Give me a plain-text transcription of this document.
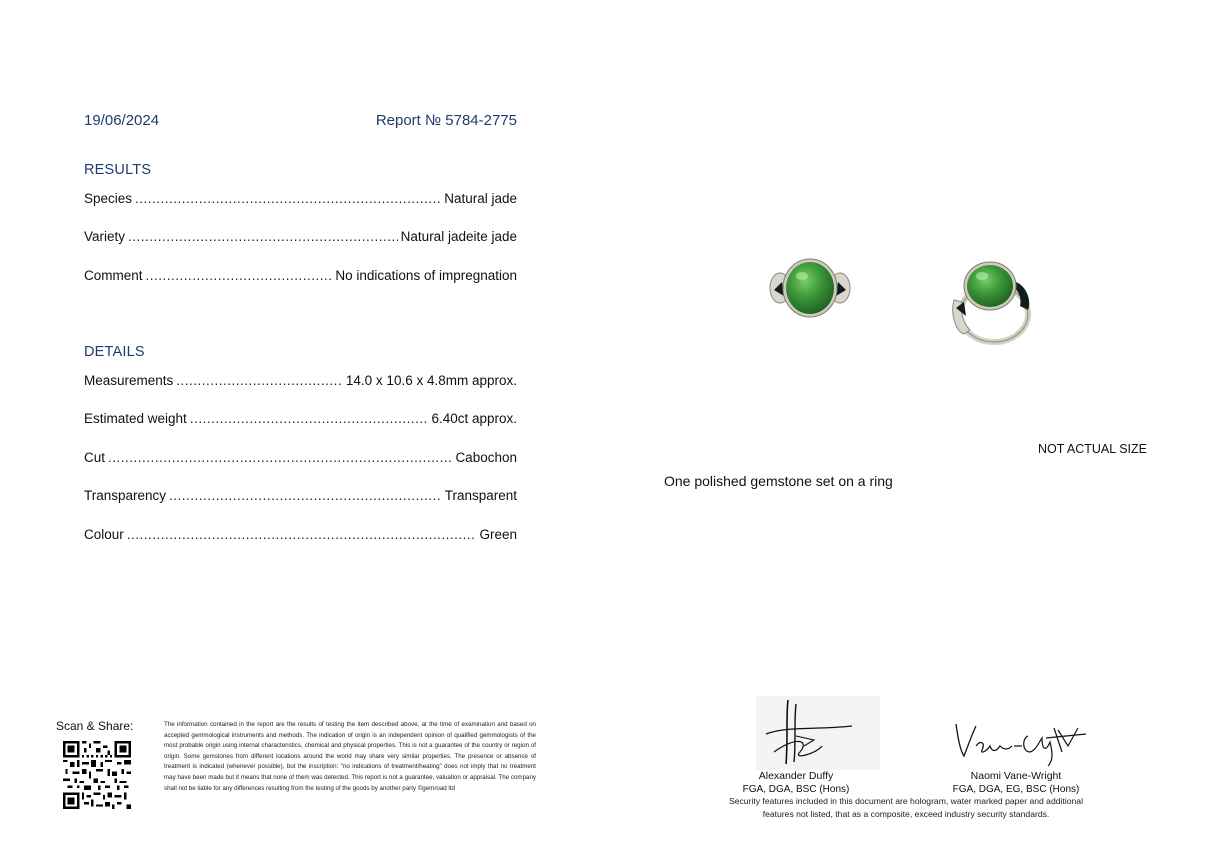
19/06/2024	Report № 5784-2775
RESULTS
Species .....	Natural jade
Variety .....	Natural jadeite jade
Comment .....	No indications of impregnation
DETAILS
Measurements .....	14.0 x 10.6 x 4.8mm approx.
Estimated weight .....	6.40ct approx.
Cut .....	Cabochon
Transparency .....	Transparent
Colour .....	Green
NOT ACTUAL SIZE
One polished gemstone set on a ring
Scan & Share:	The information contained in the report are the results of testing the item described above, at the time of examination and based on accepted gemmological instruments and methods. The indication of origin is an independent opinion of qualified gemmologists of the most probable origin using internal characteristics, chemical and physical properties. This is not a guarantee of the country or region of origin. Some gemstones from different locations around the world may share very similar properties. The presence or absence of treatment is indicated (whenever possible), but the inscription: "no indications of treatment/heating" does not imply that no treatment may have been made but it means that none of them was detected. This report is not a guarantee, valuation or appraisal. The company shall not be liable for any differences resulting from the testing of the goods by another party ©gemroad ltd
Alexander Duffy
FGA, DGA, BSC (Hons)
Naomi Vane-Wright
FGA, DGA, EG, BSC (Hons)
Security features included in this document are hologram, water marked paper and additional
features not listed, that as a composite, exceed industry security standards.
